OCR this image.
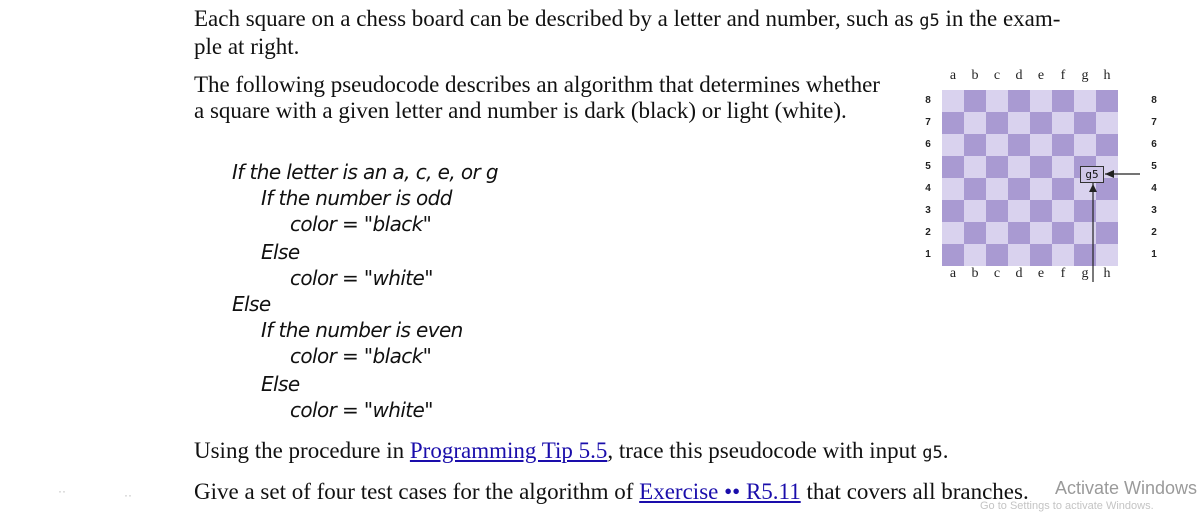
Each square on a chess board can be described by a letter and number, such as g5 in the exam-
ple at right.

The following pseudocode describes an algorithm that determines whether a square with a given letter and number is dark (black) or light (white).

If the letter is an a, c, e, or g
If the number is odd
color = "black"
Else
color = "white"
Else
If the number is even
color = "black"
Else
color = "white"
a
a
b
b
c
c
d
d
e
e
f
f
g
g
h
h
8	8
7	7
6	6
5	5
4	4
3	3
2	2
1	1
g5

Using the procedure in Programming Tip 5.5, trace this pseudocode with input g5.

Give a set of four test cases for the algorithm of Exercise •• R5.11 that covers all branches.

··	··	Activate Windows
Go to Settings to activate Windows.
